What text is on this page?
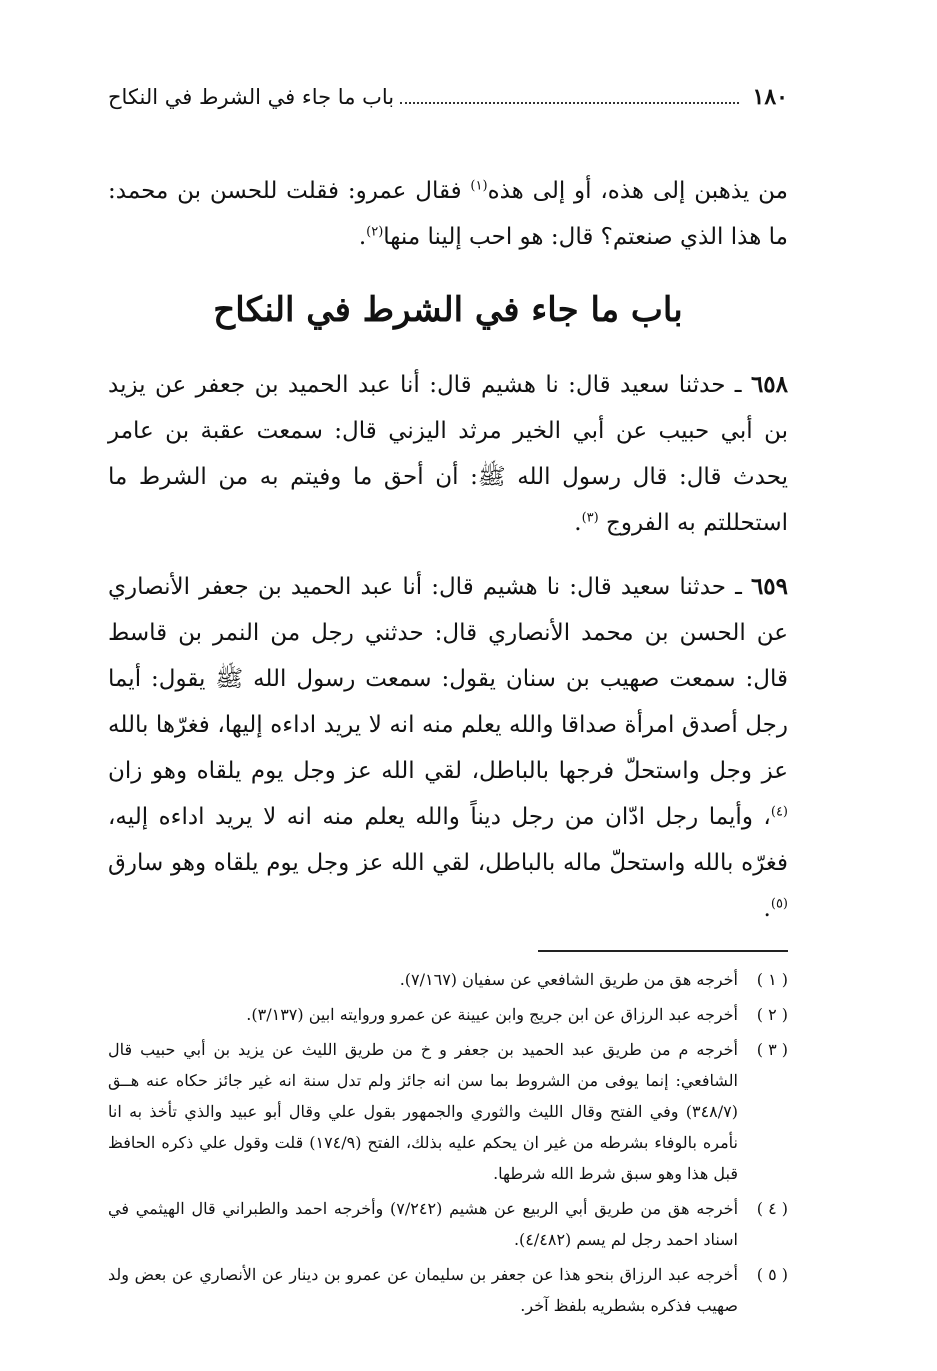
١٨٠
باب ما جاء في الشرط في النكاح

من يذهبن إلى هذه، أو إلى هذه$^{(١)}$ فقال عمرو: فقلت للحسن بن محمد: ما هذا الذي صنعتم؟ قال: هو احب إلينا منها$^{(٢)}$.

باب ما جاء في الشرط في النكاح

٦٥٨ ـ حدثنا سعيد قال: نا هشيم قال: أنا عبد الحميد بن جعفر عن يزيد بن أبي حبيب عن أبي الخير مرثد اليزني قال: سمعت عقبة بن عامر يحدث قال: قال رسول الله ﷺ: أن أحق ما وفيتم به من الشرط ما استحللتم به الفروج $^{(٣)}$.

٦٥٩ ـ حدثنا سعيد قال: نا هشيم قال: أنا عبد الحميد بن جعفر الأنصاري عن الحسن بن محمد الأنصاري قال: حدثني رجل من النمر بن قاسط قال: سمعت صهيب بن سنان يقول: سمعت رسول الله ﷺ يقول: أيما رجل أصدق امرأة صداقا والله يعلم منه انه لا يريد اداءه إليها، فغرّها بالله عز وجل واستحلّ فرجها بالباطل، لقي الله عز وجل يوم يلقاه وهو زان $^{(٤)}$، وأيما رجل ادّان من رجل ديناً والله يعلم منه انه لا يريد اداءه إليه، فغرّه بالله واستحلّ ماله بالباطل، لقي الله عز وجل يوم يلقاه وهو سارق $^{(٥)}$.

( ١ )
أخرجه هق من طريق الشافعي عن سفيان (٧/١٦٧).
( ٢ )
أخرجه عبد الرزاق عن ابن جريج وابن عيينة عن عمرو وروايته ابين (٣/١٣٧).
( ٣ )
أخرجه م من طريق عبد الحميد بن جعفر و خ من طريق الليث عن يزيد بن أبي حبيب قال الشافعي: إنما يوفى من الشروط بما سن انه جائز ولم تدل سنة انه غير جائز حكاه عنه هــق (٣٤٨/٧) وفي الفتح وقال الليث والثوري والجمهور بقول علي وقال أبو عبيد والذي تأخذ به انا نأمره بالوفاء بشرطه من غير ان يحكم عليه بذلك، الفتح (١٧٤/٩) قلت وقول علي ذكره الحافظ قبل هذا وهو سبق شرط الله شرطها.
( ٤ )
أخرجه هق من طريق أبي الربيع عن هشيم (٧/٢٤٢) وأخرجه احمد والطبراني قال الهيثمي في اسناد احمد رجل لم يسم (٤/٤٨٢).
( ٥ )
أخرجه عبد الرزاق بنحو هذا عن جعفر بن سليمان عن عمرو بن دينار عن الأنصاري عن بعض ولد صهيب فذكره بشطريه بلفظ آخر.
